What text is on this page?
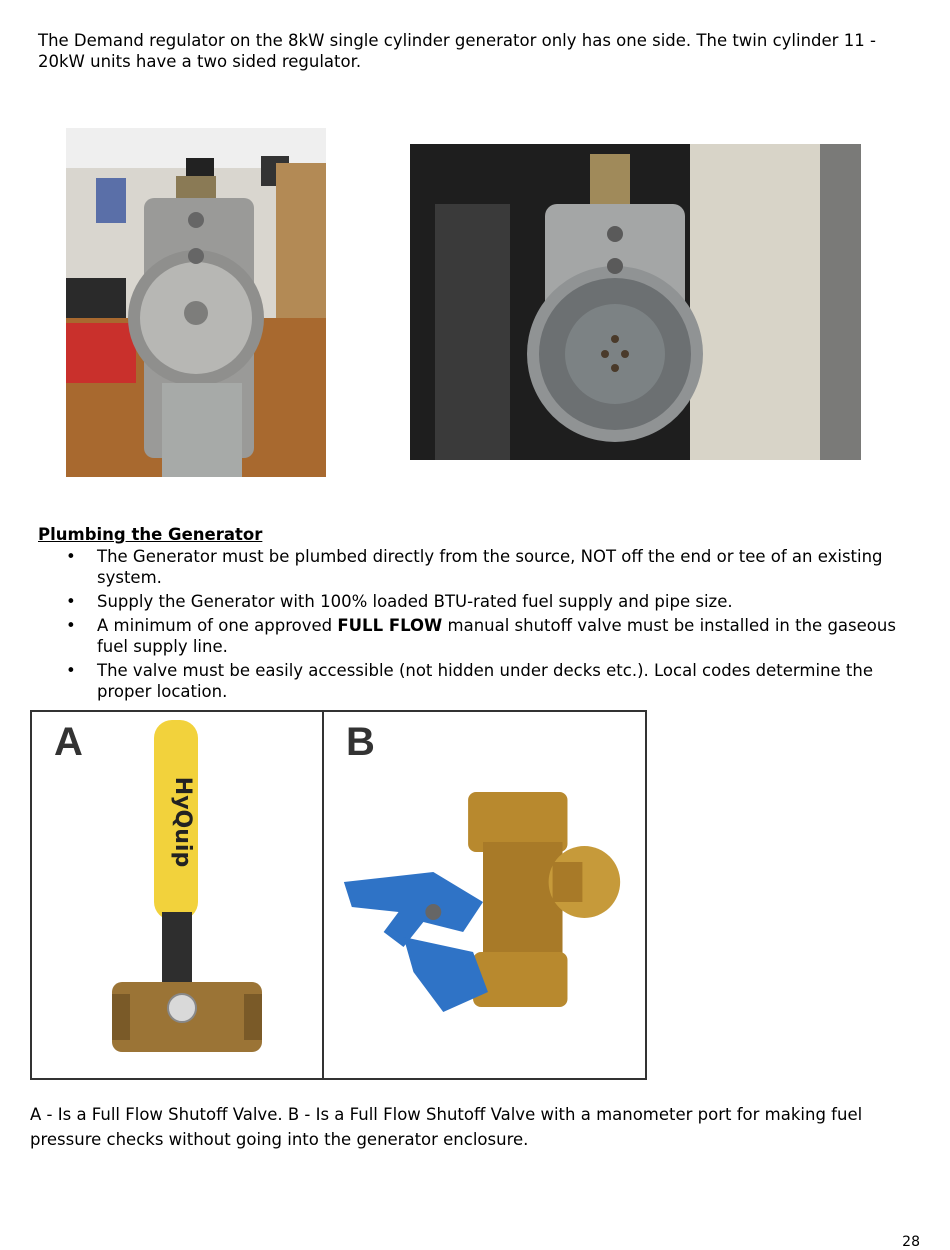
The Demand regulator on the 8kW single cylinder generator only has one side. The twin cylinder 11 - 20kW units have a two sided regulator.

Plumbing the Generator

• The Generator must be plumbed directly from the source, NOT off the end or tee of an existing system.
• Supply the Generator with 100% loaded BTU-rated fuel supply and pipe size.
• A minimum of one approved FULL FLOW manual shutoff valve must be installed in the gaseous fuel supply line.
• The valve must be easily accessible (not hidden under decks etc.). Local codes determine the proper location.
HyQuip
A	B

A - Is a Full Flow Shutoff Valve. B - Is a Full Flow Shutoff Valve with a manometer port for making fuel pressure checks without going into the generator enclosure.

28
